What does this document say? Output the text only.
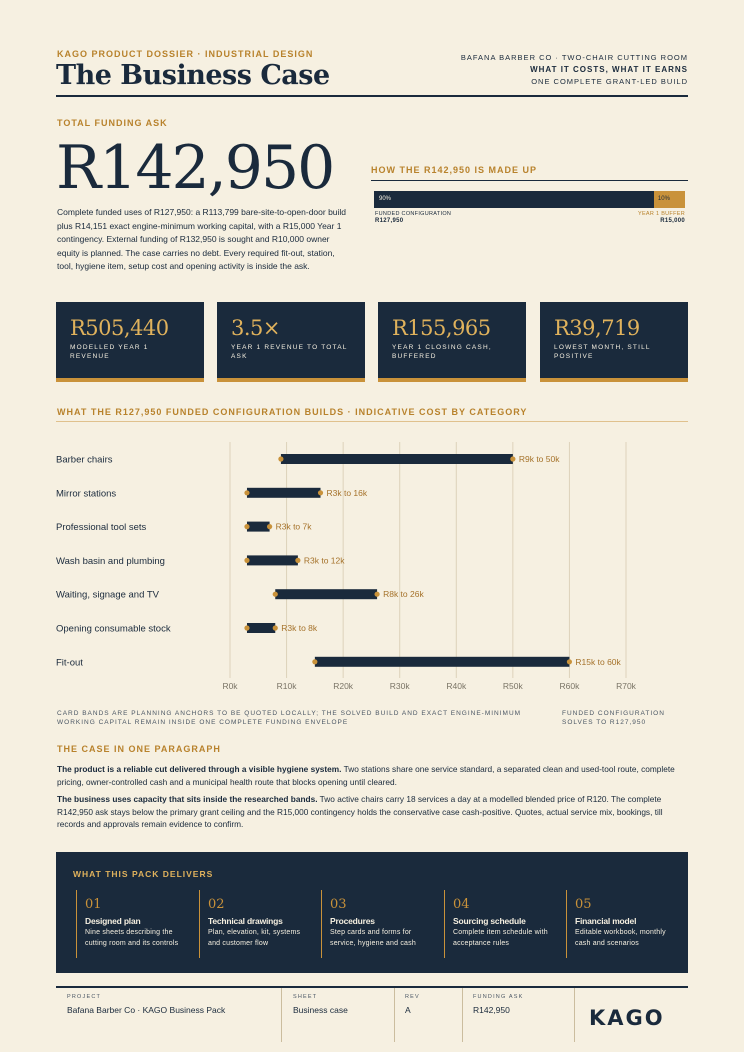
KAGO PRODUCT DOSSIER · INDUSTRIAL DESIGN
The Business Case
BAFANA BARBER CO · TWO-CHAIR CUTTING ROOM
WHAT IT COSTS, WHAT IT EARNS
ONE COMPLETE GRANT-LED BUILD
TOTAL FUNDING ASK
R142,950
Complete funded uses of R127,950: a R113,799 bare-site-to-open-door build plus R14,151 exact engine-minimum working capital, with a R15,000 Year 1 contingency. External funding of R132,950 is sought and R10,000 owner equity is planned. The case carries no debt. Every required fit-out, station, tool, hygiene item, setup cost and opening activity is inside the ask.
HOW THE R142,950 IS MADE UP
90%	10%
FUNDED CONFIGURATION
R127,950
YEAR 1 BUFFER
R15,000
R505,440
MODELLED YEAR 1 REVENUE
3.5×
YEAR 1 REVENUE TO TOTAL ASK
R155,965
YEAR 1 CLOSING CASH, BUFFERED
R39,719
LOWEST MONTH, STILL POSITIVE
WHAT THE R127,950 FUNDED CONFIGURATION BUILDS · INDICATIVE COST BY CATEGORY
R0k	R10k	R20k	R30k	R40k	R50k	R60k	R70k
Barber chairs	R9k to 50k
Mirror stations	R3k to 16k
Professional tool sets	R3k to 7k
Wash basin and plumbing	R3k to 12k
Waiting, signage and TV	R8k to 26k
Opening consumable stock	R3k to 8k
Fit-out	R15k to 60k
CARD BANDS ARE PLANNING ANCHORS TO BE QUOTED LOCALLY; THE SOLVED BUILD AND EXACT ENGINE-MINIMUM WORKING CAPITAL REMAIN INSIDE ONE COMPLETE FUNDING ENVELOPE
FUNDED CONFIGURATION SOLVES TO R127,950
THE CASE IN ONE PARAGRAPH

The product is a reliable cut delivered through a visible hygiene system. Two stations share one service standard, a separated clean and used-tool route, complete pricing, owner-controlled cash and a municipal health route that blocks opening until cleared.

The business uses capacity that sits inside the researched bands. Two active chairs carry 18 services a day at a modelled blended price of R120. The complete R142,950 ask stays below the primary grant ceiling and the R15,000 contingency holds the conservative case cash-positive. Quotes, actual service mix, bookings, till records and approvals remain evidence to confirm.

WHAT THIS PACK DELIVERS
01
Designed plan
Nine sheets describing the cutting room and its controls
02
Technical drawings
Plan, elevation, kit, systems and customer flow
03
Procedures
Step cards and forms for service, hygiene and cash
04
Sourcing schedule
Complete item schedule with acceptance rules
05
Financial model
Editable workbook, monthly cash and scenarios
PROJECT
Bafana Barber Co · KAGO Business Pack
SHEET
Business case
REV
A
FUNDING ASK
R142,950	KAGO
